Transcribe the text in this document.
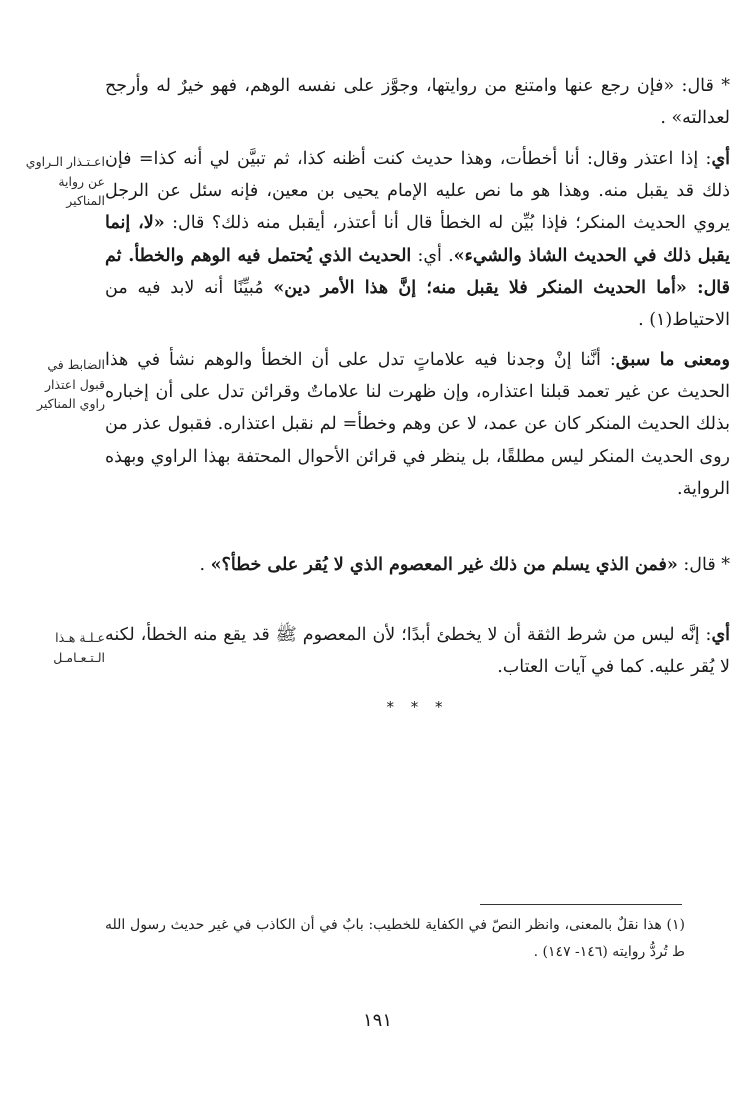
* قال: «فإن رجع عنها وامتنع من روايتها، وجوَّز على نفسه الوهم، فهو خيرٌ له وأرجح لعدالته» .

أي: إذا اعتذر وقال: أنا أخطأت، وهذا حديث كنت أظنه كذا، ثم تبيَّن لي أنه كذا= فإن ذلك قد يقبل منه. وهذا هو ما نص عليه الإمام يحيى بن معين، فإنه سئل عن الرجل يروي الحديث المنكر؛ فإذا بُيِّن له الخطأ قال أنا أعتذر، أيقبل منه ذلك؟ قال: «لا، إنما يقبل ذلك في الحديث الشاذ والشيء». أي: الحديث الذي يُحتمل فيه الوهم والخطأ. ثم قال: «أما الحديث المنكر فلا يقبل منه؛ إنَّ هذا الأمر دين» مُبيِّنًا أنه لابد فيه من الاحتياط(١) .

ومعنى ما سبق: أنَّنا إنْ وجدنا فيه علاماتٍ تدل على أن الخطأ والوهم نشأ في هذا الحديث عن غير تعمد قبلنا اعتذاره، وإن ظهرت لنا علاماتٌ وقرائن تدل على أن إخباره بذلك الحديث المنكر كان عن عمد، لا عن وهم وخطأ= لم نقبل اعتذاره. فقبول عذر من روى الحديث المنكر ليس مطلقًا، بل ينظر في قرائن الأحوال المحتفة بهذا الراوي وبهذه الرواية.

* قال: «فمن الذي يسلم من ذلك غير المعصوم الذي لا يُقر على خطأ؟» .

أي: إنَّه ليس من شرط الثقة أن لا يخطئ أبدًا؛ لأن المعصوم ﷺ قد يقع منه الخطأ، لكنه لا يُقر عليه. كما في آيات العتاب.

اعـتـذار الـراوي عن رواية المناكير
الضابط في قبول اعتذار راوي المناكير
عـلـة هـذا الـتـعـامـل
* * *

(١) هذا نقلٌ بالمعنى، وانظر النصّ في الكفاية للخطيب: بابٌ في أن الكاذب في غير حديث رسول الله ط تُردُّ روايته (١٤٦- ١٤٧) .

١٩١
